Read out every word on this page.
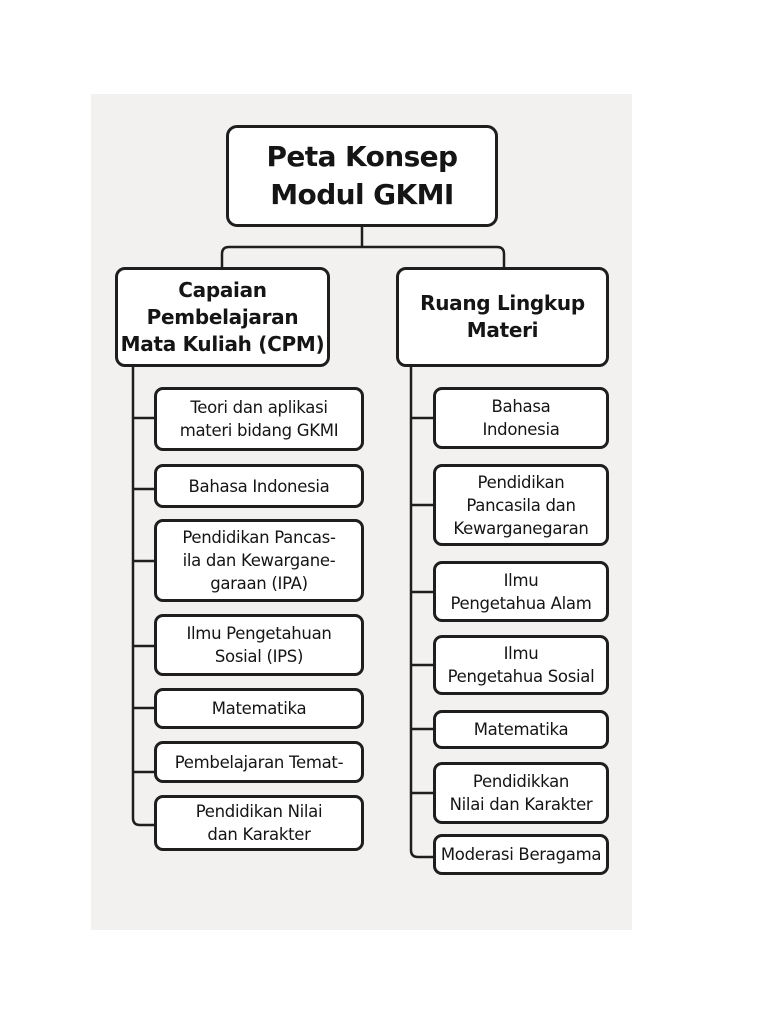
Peta Konsep
Modul GKMI
Capaian
Pembelajaran
Mata Kuliah (CPM)
Ruang Lingkup
Materi
Teori dan aplikasi
materi bidang GKMI
Bahasa Indonesia
Pendidikan Pancas-
ila dan Kewargane-
garaan (IPA)
Ilmu Pengetahuan
Sosial (IPS)
Matematika
Pembelajaran Temat-
Pendidikan Nilai
dan Karakter
Bahasa
Indonesia
Pendidikan
Pancasila dan
Kewarganegaran
Ilmu
Pengetahua Alam
Ilmu
Pengetahua Sosial
Matematika
Pendidikkan
Nilai dan Karakter
Moderasi Beragama
